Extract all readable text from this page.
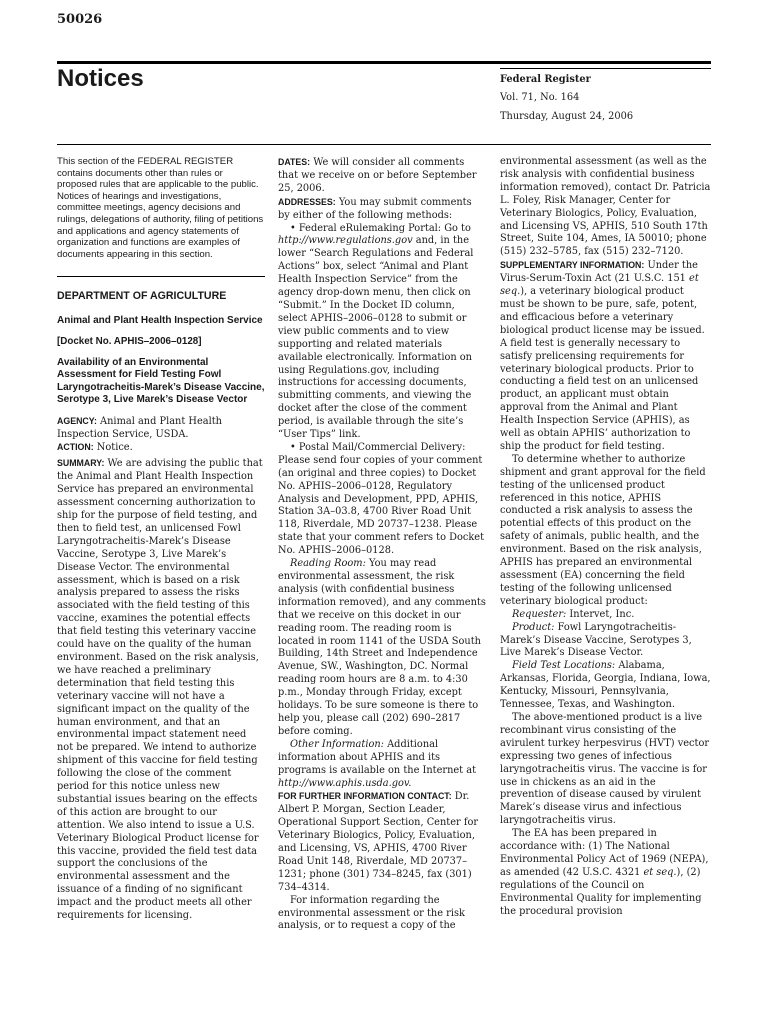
50026
Notices	Federal Register

Vol. 71, No. 164

Thursday, August 24, 2006

This section of the FEDERAL REGISTER contains documents other than rules or proposed rules that are applicable to the public. Notices of hearings and investigations, committee meetings, agency decisions and rulings, delegations of authority, filing of petitions and applications and agency statements of organization and functions are examples of documents appearing in this section.

DEPARTMENT OF AGRICULTURE

Animal and Plant Health Inspection Service

[Docket No. APHIS–2006–0128]

Availability of an Environmental Assessment for Field Testing Fowl Laryngotracheitis-Marek’s Disease Vaccine, Serotype 3, Live Marek’s Disease Vector

AGENCY: Animal and Plant Health Inspection Service, USDA.

ACTION: Notice.

SUMMARY: We are advising the public that the Animal and Plant Health Inspection Service has prepared an environmental assessment concerning authorization to ship for the purpose of field testing, and then to field test, an unlicensed Fowl Laryngotracheitis-Marek’s Disease Vaccine, Serotype 3, Live Marek’s Disease Vector. The environmental assessment, which is based on a risk analysis prepared to assess the risks associated with the field testing of this vaccine, examines the potential effects that field testing this veterinary vaccine could have on the quality of the human environment. Based on the risk analysis, we have reached a preliminary determination that field testing this veterinary vaccine will not have a significant impact on the quality of the human environment, and that an environmental impact statement need not be prepared. We intend to authorize shipment of this vaccine for field testing following the close of the comment period for this notice unless new substantial issues bearing on the effects of this action are brought to our attention. We also intend to issue a U.S. Veterinary Biological Product license for this vaccine, provided the field test data support the conclusions of the environmental assessment and the issuance of a finding of no significant impact and the product meets all other requirements for licensing.

DATES: We will consider all comments that we receive on or before September 25, 2006.

ADDRESSES: You may submit comments by either of the following methods:

• Federal eRulemaking Portal: Go to http://www.regulations.gov and, in the lower “Search Regulations and Federal Actions” box, select “Animal and Plant Health Inspection Service” from the agency drop-down menu, then click on “Submit.” In the Docket ID column, select APHIS–2006–0128 to submit or view public comments and to view supporting and related materials available electronically. Information on using Regulations.gov, including instructions for accessing documents, submitting comments, and viewing the docket after the close of the comment period, is available through the site’s “User Tips” link.

• Postal Mail/Commercial Delivery: Please send four copies of your comment (an original and three copies) to Docket No. APHIS–2006–0128, Regulatory Analysis and Development, PPD, APHIS, Station 3A–03.8, 4700 River Road Unit 118, Riverdale, MD 20737–1238. Please state that your comment refers to Docket No. APHIS–2006–0128.

Reading Room: You may read environmental assessment, the risk analysis (with confidential business information removed), and any comments that we receive on this docket in our reading room. The reading room is located in room 1141 of the USDA South Building, 14th Street and Independence Avenue, SW., Washington, DC. Normal reading room hours are 8 a.m. to 4:30 p.m., Monday through Friday, except holidays. To be sure someone is there to help you, please call (202) 690–2817 before coming.

Other Information: Additional information about APHIS and its programs is available on the Internet at http://www.aphis.usda.gov.

FOR FURTHER INFORMATION CONTACT: Dr. Albert P. Morgan, Section Leader, Operational Support Section, Center for Veterinary Biologics, Policy, Evaluation, and Licensing, VS, APHIS, 4700 River Road Unit 148, Riverdale, MD 20737–1231; phone (301) 734–8245, fax (301) 734–4314.

For information regarding the environmental assessment or the risk analysis, or to request a copy of the

environmental assessment (as well as the risk analysis with confidential business information removed), contact Dr. Patricia L. Foley, Risk Manager, Center for Veterinary Biologics, Policy, Evaluation, and Licensing VS, APHIS, 510 South 17th Street, Suite 104, Ames, IA 50010; phone (515) 232–5785, fax (515) 232–7120.

SUPPLEMENTARY INFORMATION: Under the Virus-Serum-Toxin Act (21 U.S.C. 151 et seq.), a veterinary biological product must be shown to be pure, safe, potent, and efficacious before a veterinary biological product license may be issued. A field test is generally necessary to satisfy prelicensing requirements for veterinary biological products. Prior to conducting a field test on an unlicensed product, an applicant must obtain approval from the Animal and Plant Health Inspection Service (APHIS), as well as obtain APHIS’ authorization to ship the product for field testing.

To determine whether to authorize shipment and grant approval for the field testing of the unlicensed product referenced in this notice, APHIS conducted a risk analysis to assess the potential effects of this product on the safety of animals, public health, and the environment. Based on the risk analysis, APHIS has prepared an environmental assessment (EA) concerning the field testing of the following unlicensed veterinary biological product:

Requester: Intervet, Inc.

Product: Fowl Laryngotracheitis-Marek’s Disease Vaccine, Serotypes 3, Live Marek’s Disease Vector.

Field Test Locations: Alabama, Arkansas, Florida, Georgia, Indiana, Iowa, Kentucky, Missouri, Pennsylvania, Tennessee, Texas, and Washington.

The above-mentioned product is a live recombinant virus consisting of the avirulent turkey herpesvirus (HVT) vector expressing two genes of infectious laryngotracheitis virus. The vaccine is for use in chickens as an aid in the prevention of disease caused by virulent Marek’s disease virus and infectious laryngotracheitis virus.

The EA has been prepared in accordance with: (1) The National Environmental Policy Act of 1969 (NEPA), as amended (42 U.S.C. 4321 et seq.), (2) regulations of the Council on Environmental Quality for implementing the procedural provision
